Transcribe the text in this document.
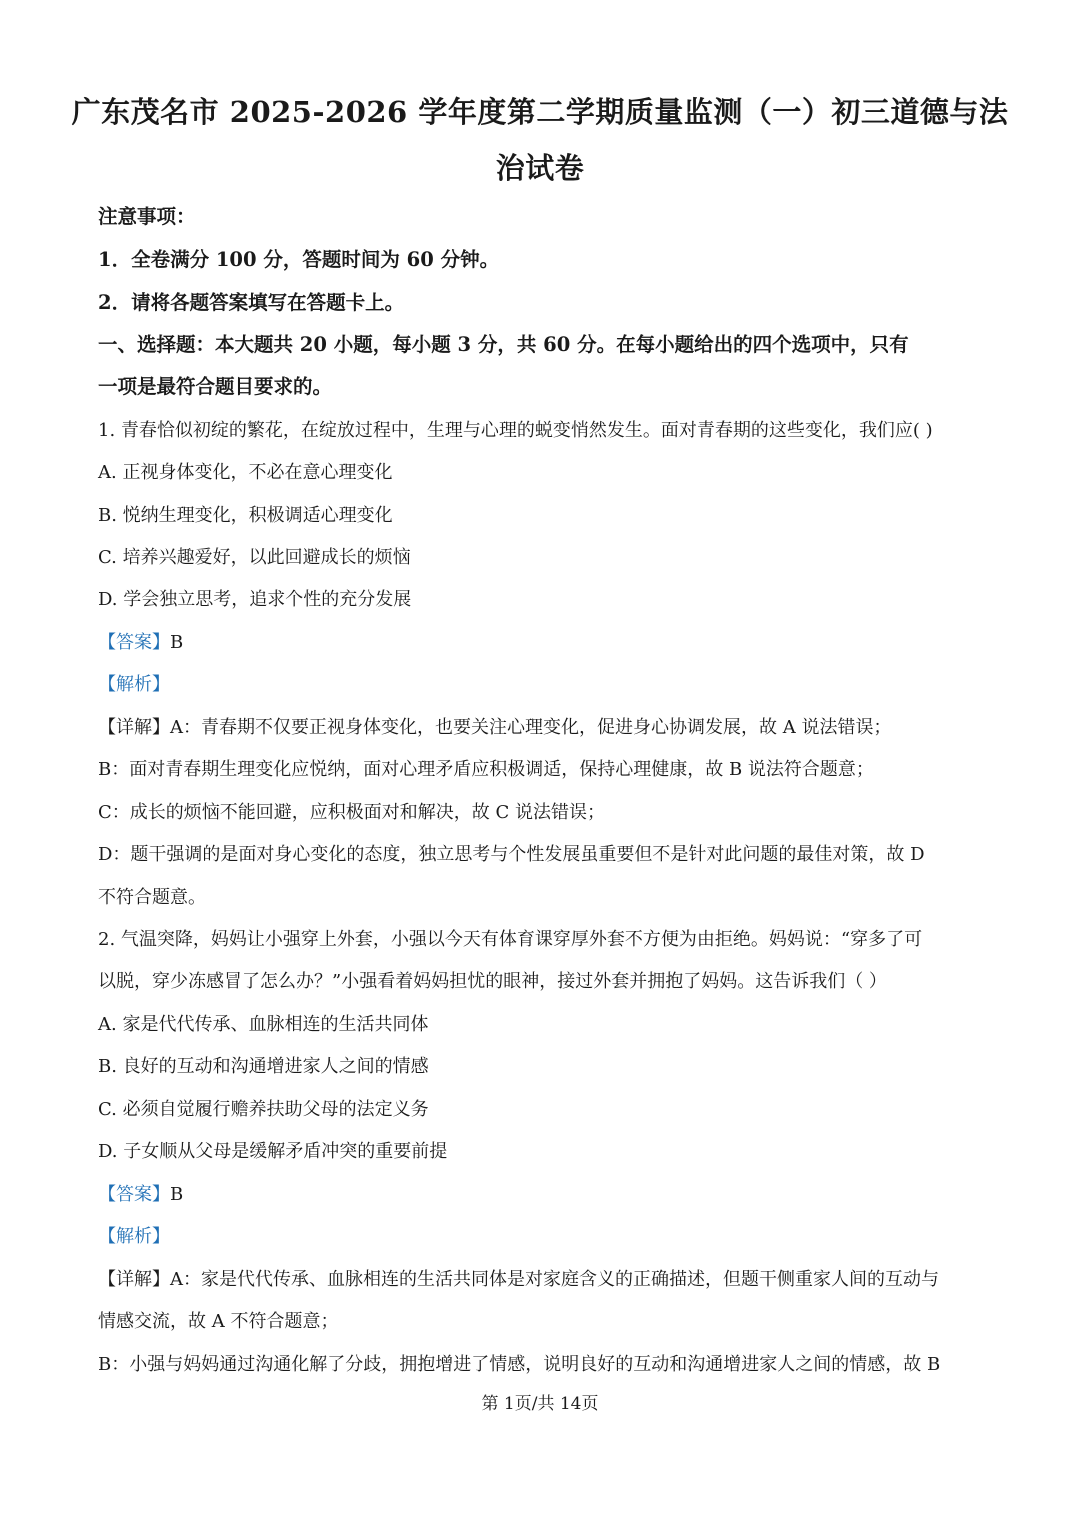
广东茂名市 2025-2026 学年度第二学期质量监测（一）初三道德与法
治试卷
注意事项：
1．全卷满分 100 分，答题时间为 60 分钟。
2．请将各题答案填写在答题卡上。
一、选择题：本大题共 20 小题，每小题 3 分，共 60 分。在每小题给出的四个选项中，只有
一项是最符合题目要求的。
1. 青春恰似初绽的繁花，在绽放过程中，生理与心理的蜕变悄然发生。面对青春期的这些变化，我们应( )
A. 正视身体变化，不必在意心理变化
B. 悦纳生理变化，积极调适心理变化
C. 培养兴趣爱好，以此回避成长的烦恼
D. 学会独立思考，追求个性的充分发展
【答案】B
【解析】
【详解】A：青春期不仅要正视身体变化，也要关注心理变化，促进身心协调发展，故 A 说法错误；
B：面对青春期生理变化应悦纳，面对心理矛盾应积极调适，保持心理健康，故 B 说法符合题意；
C：成长的烦恼不能回避，应积极面对和解决，故 C 说法错误；
D：题干强调的是面对身心变化的态度，独立思考与个性发展虽重要但不是针对此问题的最佳对策，故 D
不符合题意。
2. 气温突降，妈妈让小强穿上外套，小强以今天有体育课穿厚外套不方便为由拒绝。妈妈说：“穿多了可
以脱，穿少冻感冒了怎么办？”小强看着妈妈担忧的眼神，接过外套并拥抱了妈妈。这告诉我们（ ）
A. 家是代代传承、血脉相连的生活共同体
B. 良好的互动和沟通增进家人之间的情感
C. 必须自觉履行赡养扶助父母的法定义务
D. 子女顺从父母是缓解矛盾冲突的重要前提
【答案】B
【解析】
【详解】A：家是代代传承、血脉相连的生活共同体是对家庭含义的正确描述，但题干侧重家人间的互动与
情感交流，故 A 不符合题意；
B：小强与妈妈通过沟通化解了分歧，拥抱增进了情感，说明良好的互动和沟通增进家人之间的情感，故 B
第 1页/共 14页
